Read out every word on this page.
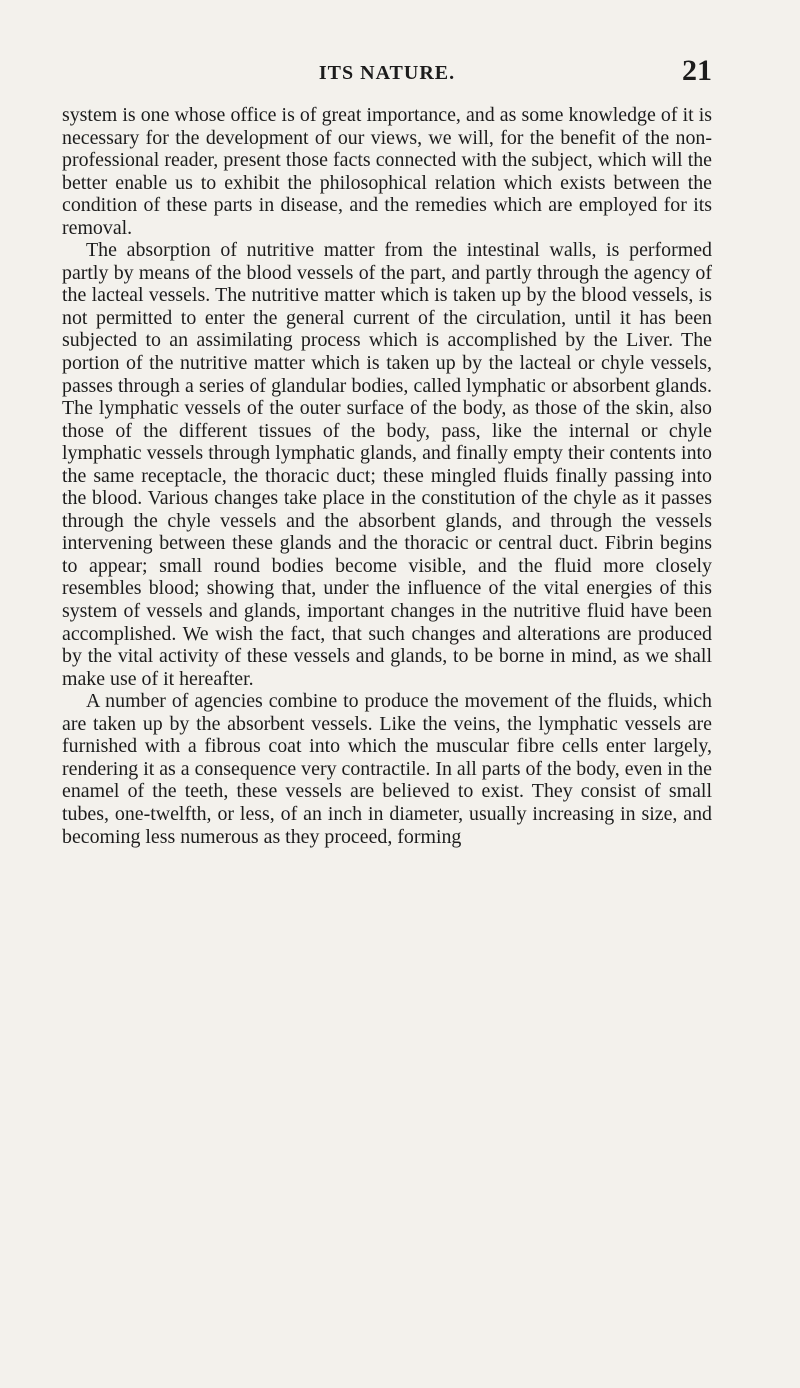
ITS NATURE.	21

system is one whose office is of great importance, and as some knowledge of it is necessary for the development of our views, we will, for the benefit of the non-professional reader, present those facts connected with the subject, which will the better enable us to exhibit the philosophical relation which exists between the condition of these parts in disease, and the remedies which are employed for its removal.

The absorption of nutritive matter from the intestinal walls, is performed partly by means of the blood vessels of the part, and partly through the agency of the lacteal vessels. The nutritive matter which is taken up by the blood vessels, is not permitted to enter the general current of the circulation, until it has been subjected to an assimilating process which is accomplished by the Liver. The portion of the nutritive matter which is taken up by the lacteal or chyle vessels, passes through a series of glandular bodies, called lymphatic or absorbent glands. The lymphatic vessels of the outer surface of the body, as those of the skin, also those of the different tissues of the body, pass, like the internal or chyle lymphatic vessels through lymphatic glands, and finally empty their contents into the same receptacle, the thoracic duct; these mingled fluids finally passing into the blood. Various changes take place in the constitution of the chyle as it passes through the chyle vessels and the absorbent glands, and through the vessels intervening between these glands and the thoracic or central duct. Fibrin begins to appear; small round bodies become visible, and the fluid more closely resembles blood; showing that, under the influence of the vital energies of this system of vessels and glands, important changes in the nutritive fluid have been accomplished. We wish the fact, that such changes and alterations are produced by the vital activity of these vessels and glands, to be borne in mind, as we shall make use of it hereafter.

A number of agencies combine to produce the movement of the fluids, which are taken up by the absorbent vessels. Like the veins, the lymphatic vessels are furnished with a fibrous coat into which the muscular fibre cells enter largely, rendering it as a consequence very contractile. In all parts of the body, even in the enamel of the teeth, these vessels are believed to exist. They consist of small tubes, one-twelfth, or less, of an inch in diameter, usually increasing in size, and becoming less numerous as they proceed, forming
